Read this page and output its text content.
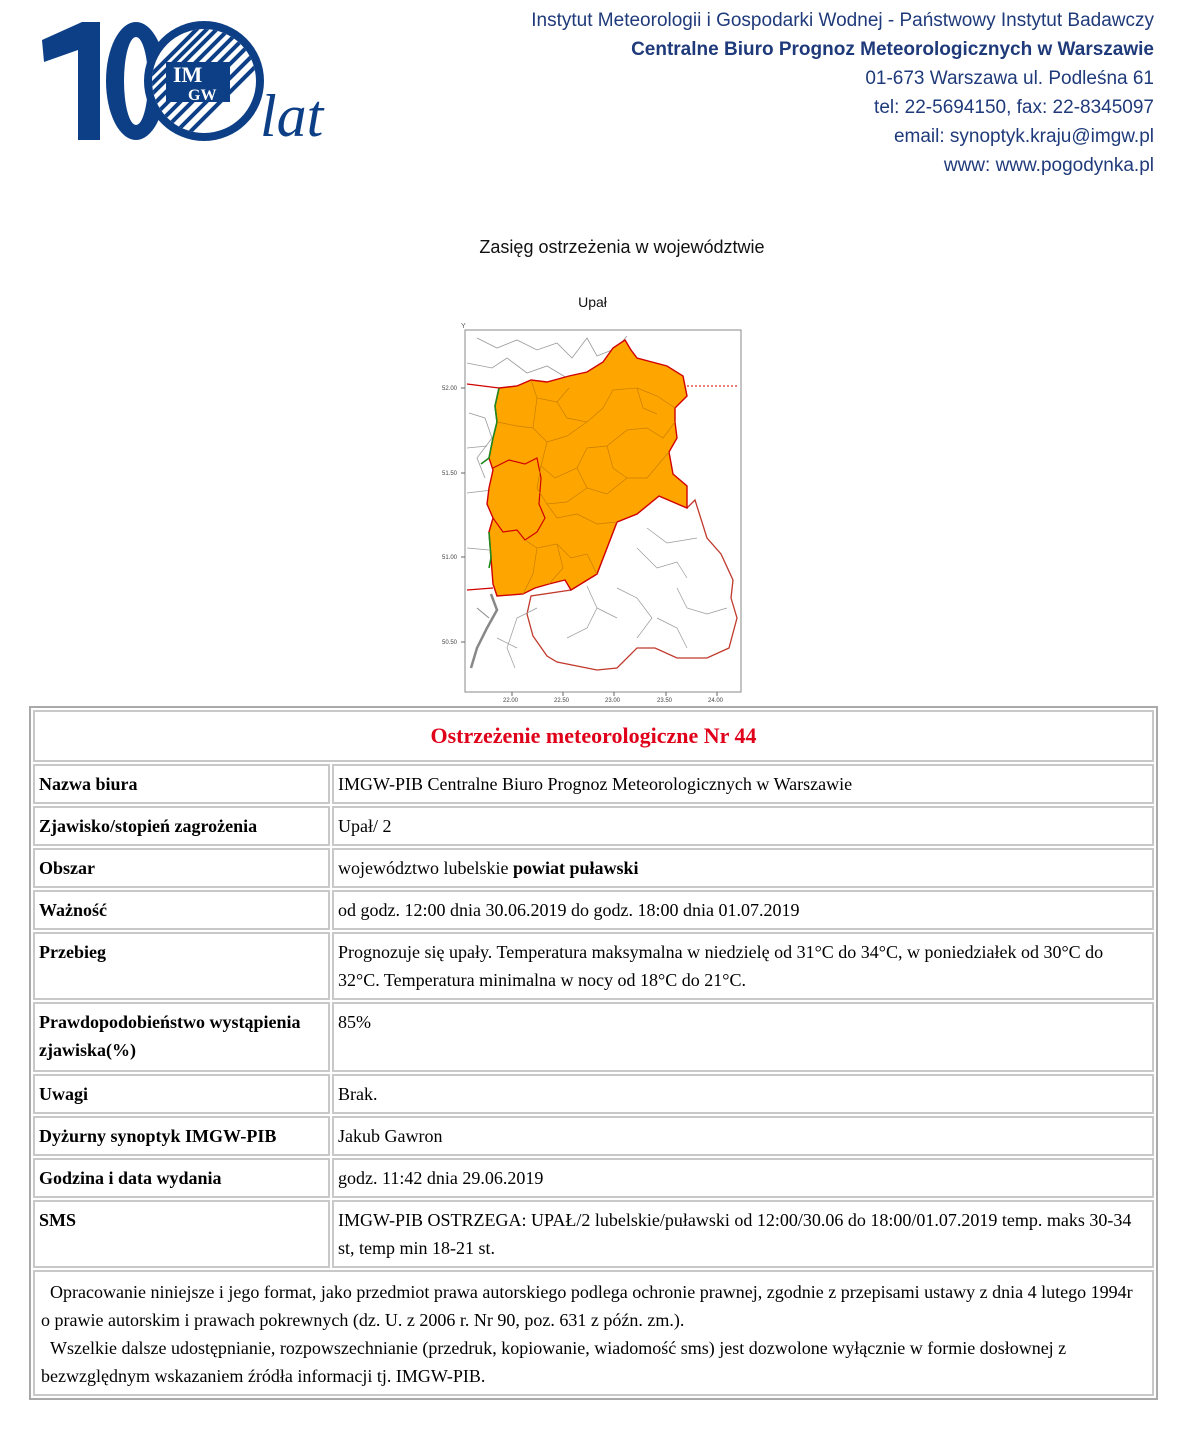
IM
GW lat
Instytut Meteorologii i Gospodarki Wodnej - Państwowy Instytut Badawczy
Centralne Biuro Prognoz Meteorologicznych w Warszawie
01-673 Warszawa ul. Podleśna 61
tel: 22-5694150, fax: 22-8345097
email: synoptyk.kraju@imgw.pl
www: www.pogodynka.pl
Zasięg ostrzeżenia w województwie
Upał
Y
52.00
51.50
51.00
50.50
22.00	22.50	23.00	23.50	24.00
Ostrzeżenie meteorologiczne Nr 44	
Nazwa biura	IMGW-PIB Centralne Biuro Prognoz Meteorologicznych w Warszawie
Zjawisko/stopień zagrożenia	Upał/ 2
Obszar	województwo lubelskie powiat puławski
Ważność	od godz. 12:00 dnia 30.06.2019 do godz. 18:00 dnia 01.07.2019
Przebieg	Prognozuje się upały. Temperatura maksymalna w niedzielę od 31°C do 34°C, w poniedziałek od 30°C do 32°C. Temperatura minimalna w nocy od 18°C do 21°C.
Prawdopodobieństwo wystąpienia zjawiska(%)	85%
Uwagi	Brak.
Dyżurny synoptyk IMGW-PIB	Jakub Gawron
Godzina i data wydania	godz. 11:42 dnia 29.06.2019
SMS	IMGW-PIB OSTRZEGA: UPAŁ/2 lubelskie/puławski od 12:00/30.06 do 18:00/01.07.2019 temp. maks 30-34 st, temp min 18-21 st.

Opracowanie niniejsze i jego format, jako przedmiot prawa autorskiego podlega ochronie prawnej, zgodnie z przepisami ustawy z dnia 4 lutego 1994r o prawie autorskim i prawach pokrewnych (dz. U. z 2006 r. Nr 90, poz. 631 z późn. zm.).
Wszelkie dalsze udostępnianie, rozpowszechnianie (przedruk, kopiowanie, wiadomość sms) jest dozwolone wyłącznie w formie dosłownej z bezwzględnym wskazaniem źródła informacji tj. IMGW-PIB.	
